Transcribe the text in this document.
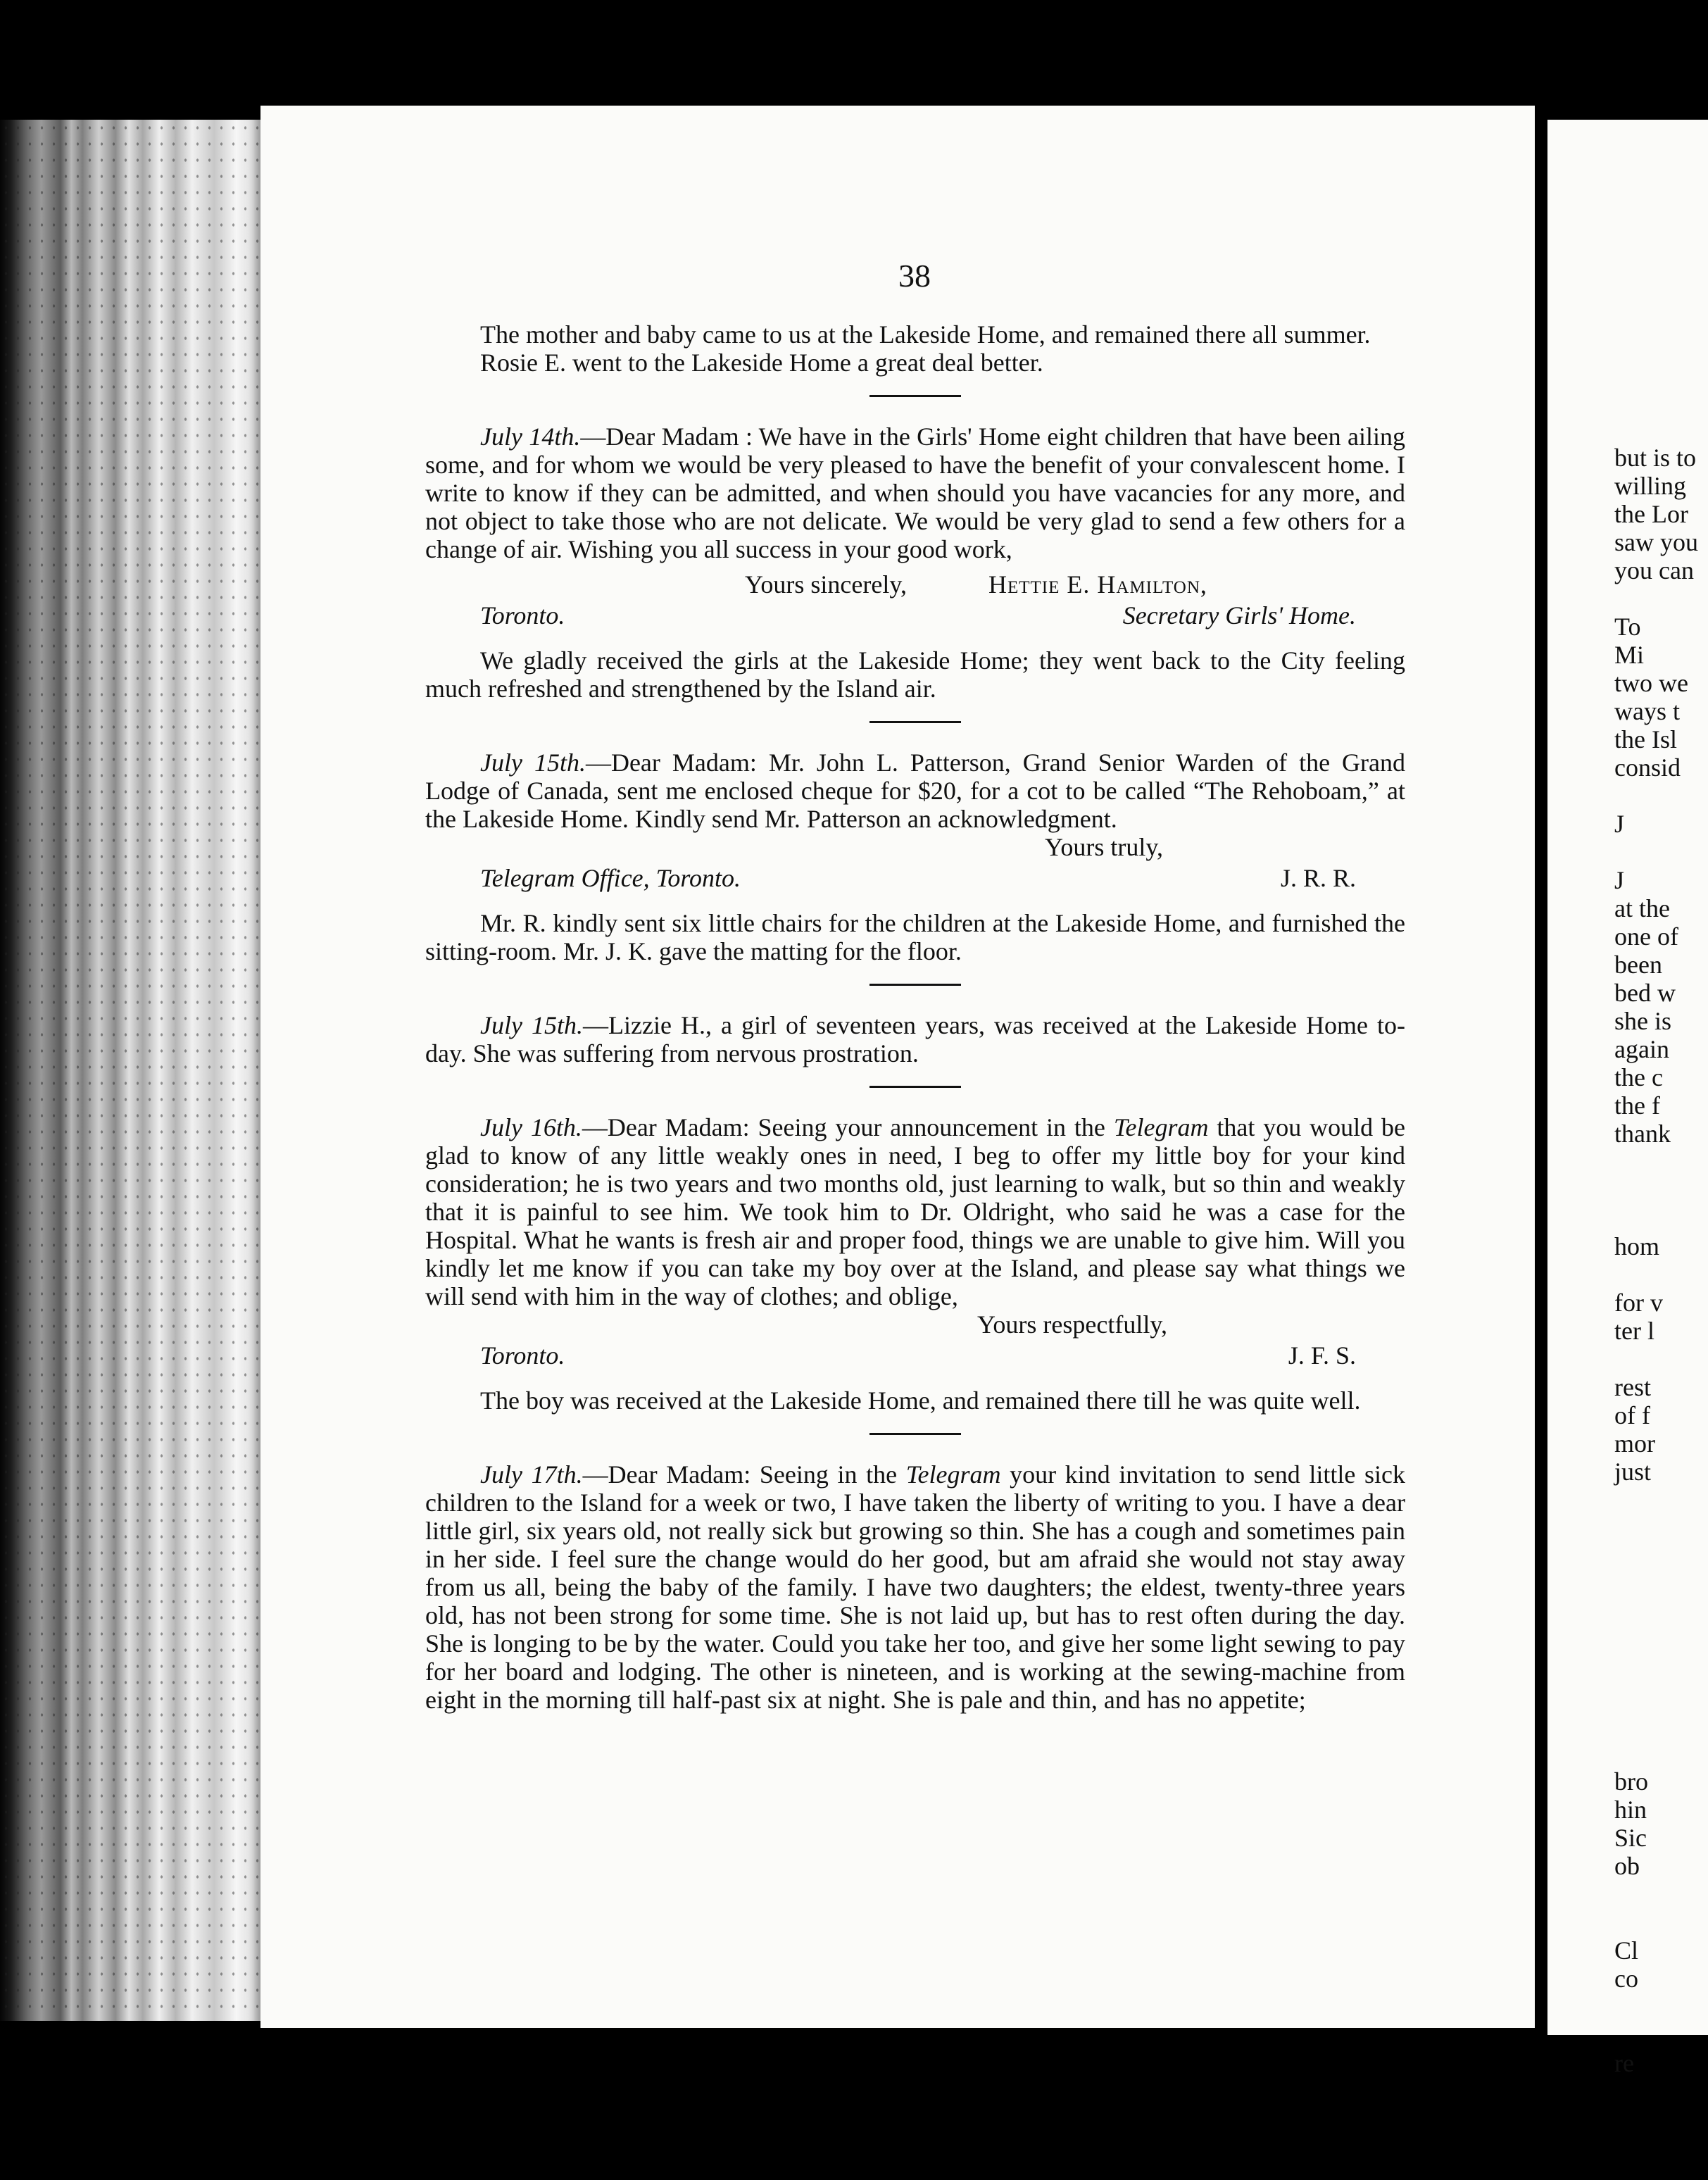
38

The mother and baby came to us at the Lakeside Home, and remained there all summer.

Rosie E. went to the Lakeside Home a great deal better.

July 14th.—Dear Madam : We have in the Girls' Home eight children that have been ailing some, and for whom we would be very pleased to have the benefit of your convalescent home. I write to know if they can be admitted, and when should you have vacancies for any more, and not object to take those who are not delicate. We would be very glad to send a few others for a change of air. Wishing you all success in your good work,

Yours sincerely,	Hettie E. Hamilton,
Toronto.	Secretary Girls' Home.

We gladly received the girls at the Lakeside Home; they went back to the City feeling much refreshed and strengthened by the Island air.

July 15th.—Dear Madam: Mr. John L. Patterson, Grand Senior Warden of the Grand Lodge of Canada, sent me enclosed cheque for $20, for a cot to be called “The Rehoboam,” at the Lakeside Home. Kindly send Mr. Patterson an acknowledgment.

Yours truly,
Telegram Office, Toronto.	J. R. R.

Mr. R. kindly sent six little chairs for the children at the Lakeside Home, and furnished the sitting-room. Mr. J. K. gave the matting for the floor.

July 15th.—Lizzie H., a girl of seventeen years, was received at the Lakeside Home to-day. She was suffering from nervous prostration.

July 16th.—Dear Madam: Seeing your announcement in the Telegram that you would be glad to know of any little weakly ones in need, I beg to offer my little boy for your kind consideration; he is two years and two months old, just learning to walk, but so thin and weakly that it is painful to see him. We took him to Dr. Oldright, who said he was a case for the Hospital. What he wants is fresh air and proper food, things we are unable to give him. Will you kindly let me know if you can take my boy over at the Island, and please say what things we will send with him in the way of clothes; and oblige,

Yours respectfully,
Toronto.	J. F. S.

The boy was received at the Lakeside Home, and remained there till he was quite well.

July 17th.—Dear Madam: Seeing in the Telegram your kind invitation to send little sick children to the Island for a week or two, I have taken the liberty of writing to you. I have a dear little girl, six years old, not really sick but growing so thin. She has a cough and sometimes pain in her side. I feel sure the change would do her good, but am afraid she would not stay away from us all, being the baby of the family. I have two daughters; the eldest, twenty-three years old, has not been strong for some time. She is not laid up, but has to rest often during the day. She is longing to be by the water. Could you take her too, and give her some light sewing to pay for her board and lodging. The other is nineteen, and is working at the sewing-machine from eight in the morning till half-past six at night. She is pale and thin, and has no appetite;

but is to
willing
the Lor
saw you
you can
To
Mi
two we
ways t
the Isl
consid
J
J
at the
one of
been
bed w
she is
again
the c
the f
thank
hom
for v
ter l
rest
of f
mor
just
bro
hin
Sic
ob
Cl
co
re
